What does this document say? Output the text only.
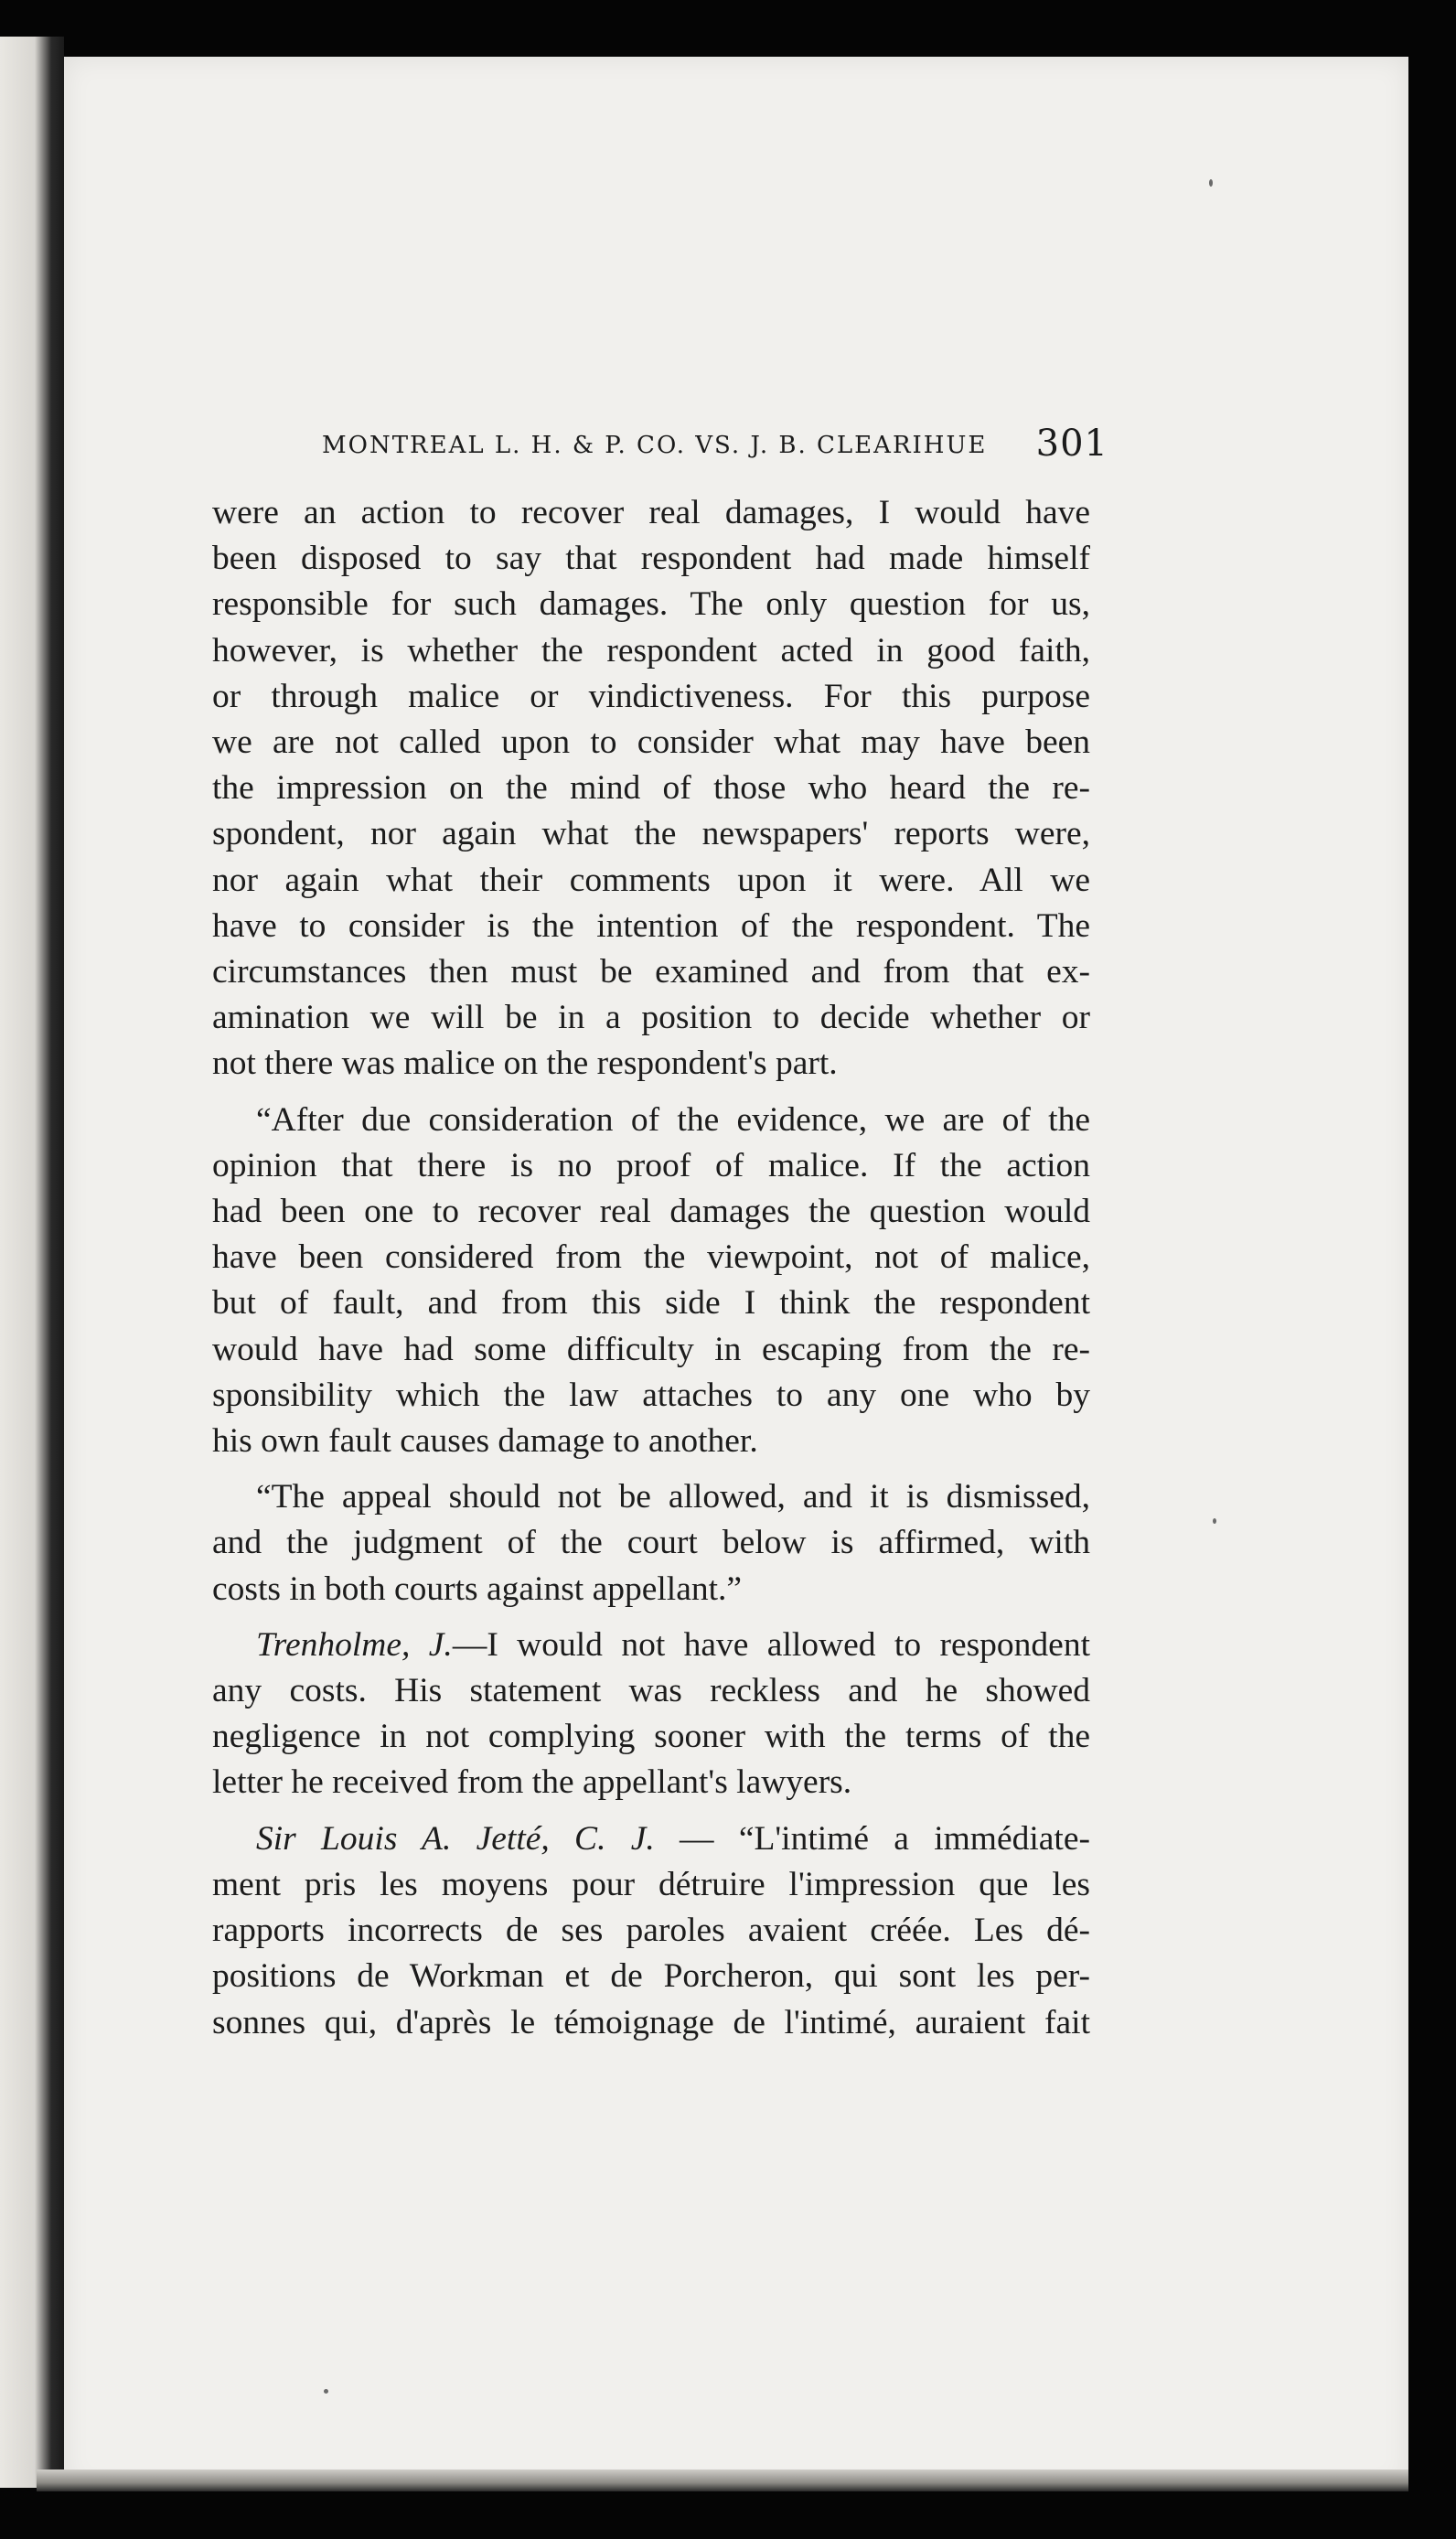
MONTREAL L. H. & P. CO. VS. J. B. CLEARIHUE 301

were an action to recover real damages, I would have
been disposed to say that respondent had made himself
responsible for such damages. The only question for us,
however, is whether the respondent acted in good faith,
or through malice or vindictiveness. For this purpose
we are not called upon to consider what may have been
the impression on the mind of those who heard the re-
spondent, nor again what the newspapers' reports were,
nor again what their comments upon it were. All we
have to consider is the intention of the respondent. The
circumstances then must be examined and from that ex-
amination we will be in a position to decide whether or
not there was malice on the respondent's part.

“After due consideration of the evidence, we are of the
opinion that there is no proof of malice. If the action
had been one to recover real damages the question would
have been considered from the viewpoint, not of malice,
but of fault, and from this side I think the respondent
would have had some difficulty in escaping from the re-
sponsibility which the law attaches to any one who by
his own fault causes damage to another.

“The appeal should not be allowed, and it is dismissed,
and the judgment of the court below is affirmed, with
costs in both courts against appellant.”

Trenholme, J.—I would not have allowed to respondent
any costs. His statement was reckless and he showed
negligence in not complying sooner with the terms of the
letter he received from the appellant's lawyers.

Sir Louis A. Jetté, C. J. — “L'intimé a immédiate-
ment pris les moyens pour détruire l'impression que les
rapports incorrects de ses paroles avaient créée. Les dé-
positions de Workman et de Porcheron, qui sont les per-
sonnes qui, d'après le témoignage de l'intimé, auraient fait
